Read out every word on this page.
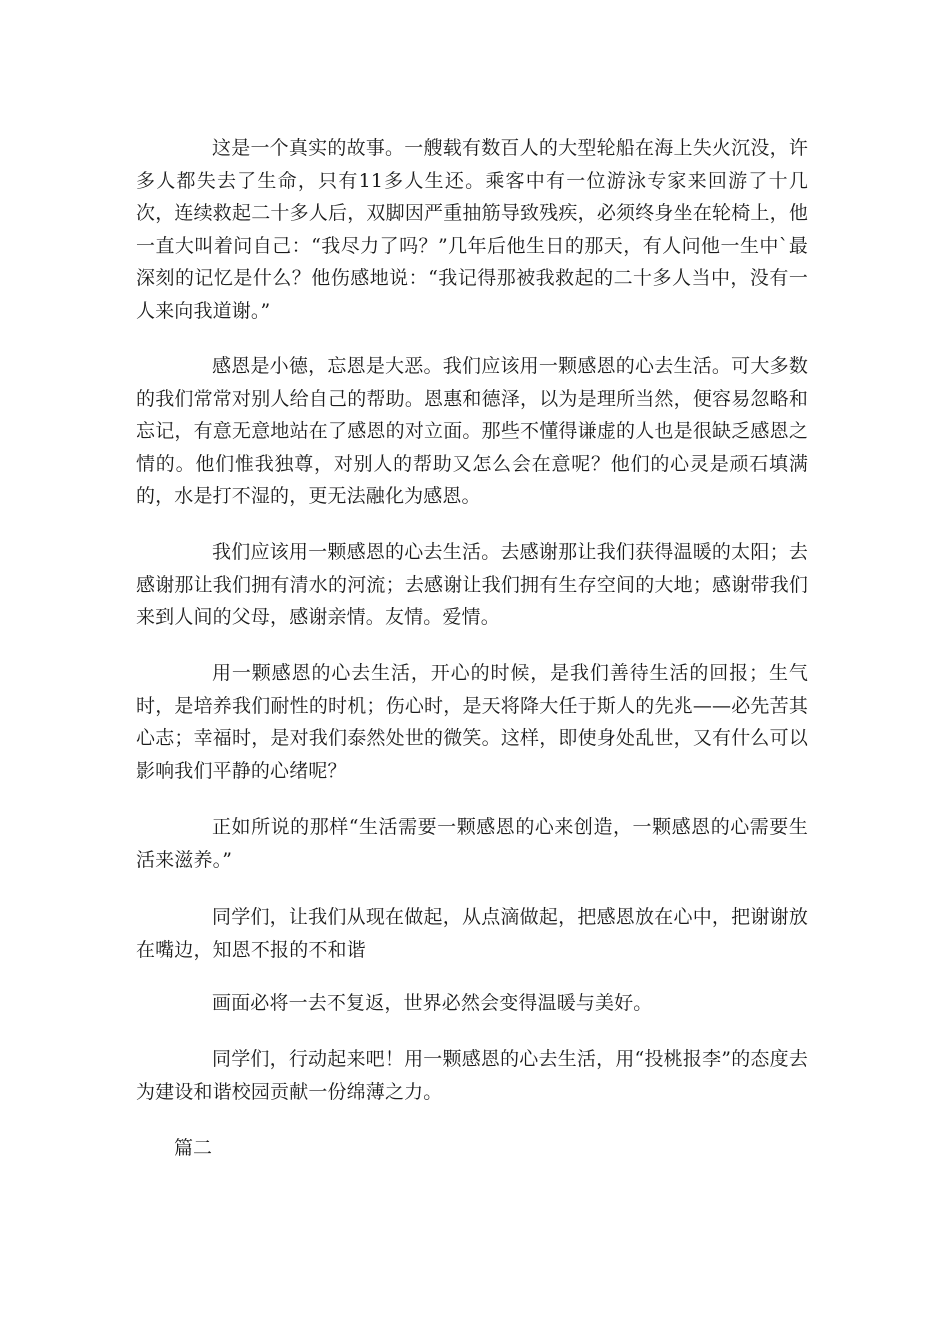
这是一个真实的故事。一艘载有数百人的大型轮船在海上失火沉没，许多人都失去了生命，只有11多人生还。乘客中有一位游泳专家来回游了十几次，连续救起二十多人后，双脚因严重抽筋导致残疾，必须终身坐在轮椅上，他一直大叫着问自己：“我尽力了吗？”几年后他生日的那天，有人问他一生中`最深刻的记忆是什么？他伤感地说：“我记得那被我救起的二十多人当中，没有一人来向我道谢。”

感恩是小德，忘恩是大恶。我们应该用一颗感恩的心去生活。可大多数的我们常常对别人给自己的帮助。恩惠和德泽，以为是理所当然，便容易忽略和忘记，有意无意地站在了感恩的对立面。那些不懂得谦虚的人也是很缺乏感恩之情的。他们惟我独尊，对别人的帮助又怎么会在意呢？他们的心灵是顽石填满的，水是打不湿的，更无法融化为感恩。

我们应该用一颗感恩的心去生活。去感谢那让我们获得温暖的太阳；去感谢那让我们拥有清水的河流；去感谢让我们拥有生存空间的大地；感谢带我们来到人间的父母，感谢亲情。友情。爱情。

用一颗感恩的心去生活，开心的时候，是我们善待生活的回报；生气时，是培养我们耐性的时机；伤心时，是天将降大任于斯人的先兆——必先苦其心志；幸福时，是对我们泰然处世的微笑。这样，即使身处乱世，又有什么可以影响我们平静的心绪呢？

正如所说的那样“生活需要一颗感恩的心来创造，一颗感恩的心需要生活来滋养。”

同学们，让我们从现在做起，从点滴做起，把感恩放在心中，把谢谢放在嘴边，知恩不报的不和谐

画面必将一去不复返，世界必然会变得温暖与美好。

同学们，行动起来吧！用一颗感恩的心去生活，用“投桃报李”的态度去为建设和谐校园贡献一份绵薄之力。

篇二
